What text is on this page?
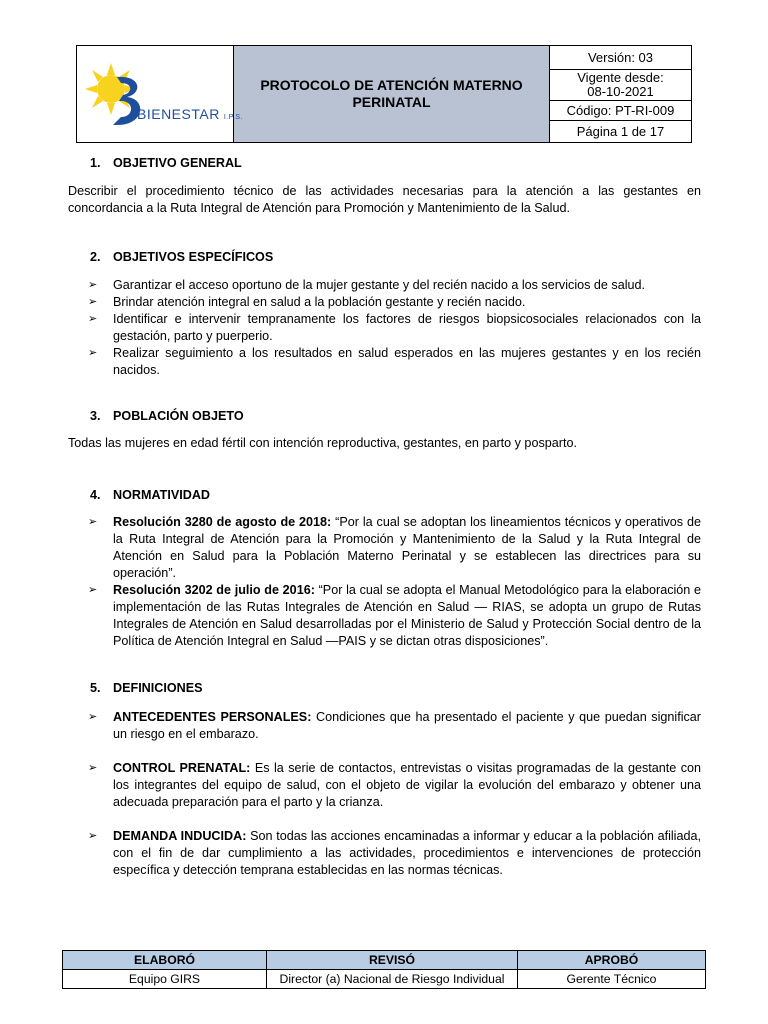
BIENESTAR I.P.S.
	PROTOCOLO DE ATENCIÓN MATERNO PERINATAL	Versión: 03
Vigente desde:
08-10-2021
Código: PT-RI-009
Página 1 de 17
1. OBJETIVO GENERAL

Describir el procedimiento técnico de las actividades necesarias para la atención a las gestantes en concordancia a la Ruta Integral de Atención para Promoción y Mantenimiento de la Salud.

2. OBJETIVOS ESPECÍFICOS
➢ Garantizar el acceso oportuno de la mujer gestante y del recién nacido a los servicios de salud.
➢ Brindar atención integral en salud a la población gestante y recién nacido.
➢ Identificar e intervenir tempranamente los factores de riesgos biopsicosociales relacionados con la gestación, parto y puerperio.
➢ Realizar seguimiento a los resultados en salud esperados en las mujeres gestantes y en los recién nacidos.
3. POBLACIÓN OBJETO

Todas las mujeres en edad fértil con intención reproductiva, gestantes, en parto y posparto.

4. NORMATIVIDAD
➢ Resolución 3280 de agosto de 2018: “Por la cual se adoptan los lineamientos técnicos y operativos de la Ruta Integral de Atención para la Promoción y Mantenimiento de la Salud y la Ruta Integral de Atención en Salud para la Población Materno Perinatal y se establecen las directrices para su operación”.
➢ Resolución 3202 de julio de 2016: “Por la cual se adopta el Manual Metodológico para la elaboración e implementación de las Rutas Integrales de Atención en Salud — RIAS, se adopta un grupo de Rutas Integrales de Atención en Salud desarrolladas por el Ministerio de Salud y Protección Social dentro de la Política de Atención Integral en Salud —PAIS y se dictan otras disposiciones”.
5. DEFINICIONES
➢ ANTECEDENTES PERSONALES: Condiciones que ha presentado el paciente y que puedan significar un riesgo en el embarazo.
➢ CONTROL PRENATAL: Es la serie de contactos, entrevistas o visitas programadas de la gestante con los integrantes del equipo de salud, con el objeto de vigilar la evolución del embarazo y obtener una adecuada preparación para el parto y la crianza.
➢ DEMANDA INDUCIDA: Son todas las acciones encaminadas a informar y educar a la población afiliada, con el fin de dar cumplimiento a las actividades, procedimientos e intervenciones de protección específica y detección temprana establecidas en las normas técnicas.
ELABORÓ	REVISÓ	APROBÓ
Equipo GIRS	Director (a) Nacional de Riesgo Individual	Gerente Técnico
